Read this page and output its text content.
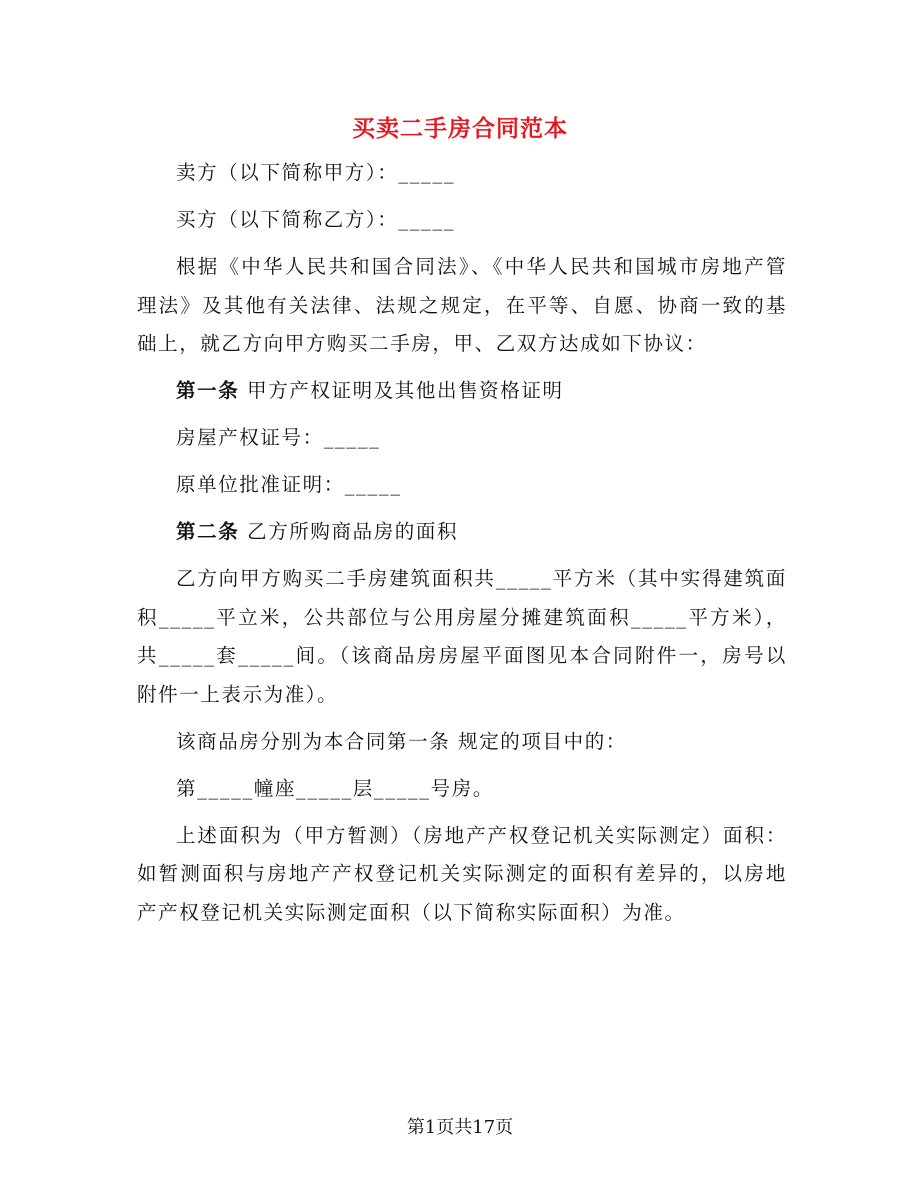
买卖二手房合同范本

卖方（以下简称甲方）：_____

买方（以下简称乙方）：_____

根据《中华人民共和国合同法》、《中华人民共和国城市房地产管理法》及其他有关法律、法规之规定，在平等、自愿、协商一致的基础上，就乙方向甲方购买二手房，甲、乙双方达成如下协议：

第一条 甲方产权证明及其他出售资格证明

房屋产权证号：_____

原单位批准证明：_____

第二条 乙方所购商品房的面积

乙方向甲方购买二手房建筑面积共_____平方米（其中实得建筑面积_____平立米，公共部位与公用房屋分摊建筑面积_____平方米），共_____套_____间。（该商品房房屋平面图见本合同附件一，房号以附件一上表示为准）。

该商品房分别为本合同第一条 规定的项目中的：

第_____幢座_____层_____号房。

上述面积为（甲方暂测）（房地产产权登记机关实际测定）面积：如暂测面积与房地产产权登记机关实际测定的面积有差异的，以房地产产权登记机关实际测定面积（以下简称实际面积）为准。

第1页共17页
